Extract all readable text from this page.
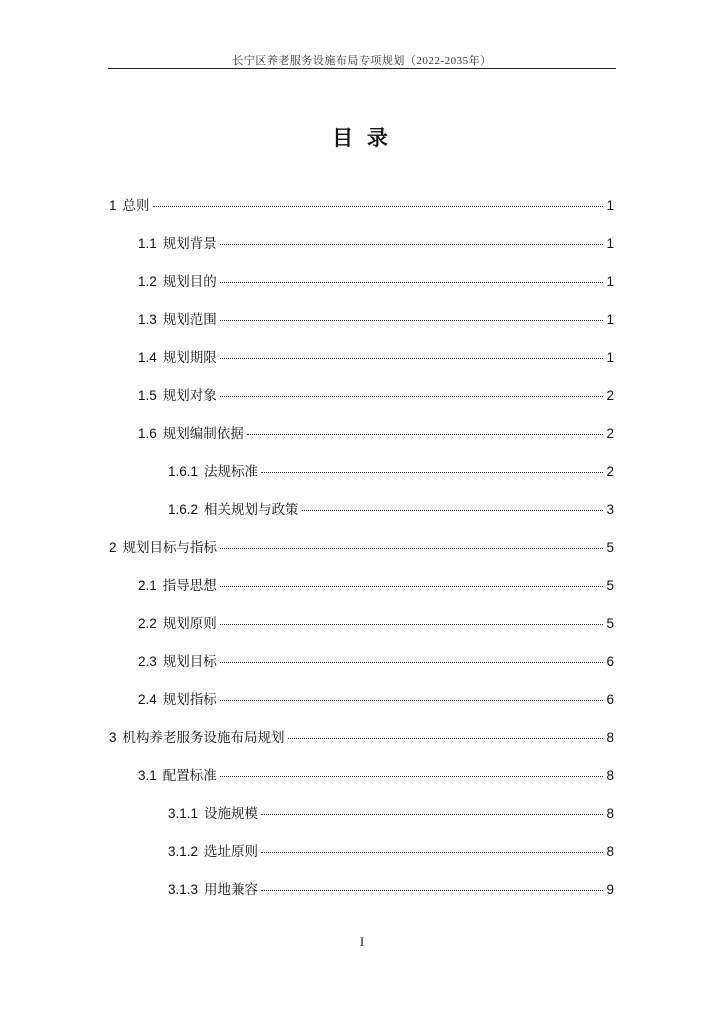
长宁区养老服务设施布局专项规划（2022-2035年）
目 录
1 总则	1
1.1 规划背景	1
1.2 规划目的	1
1.3 规划范围	1
1.4 规划期限	1
1.5 规划对象	2
1.6 规划编制依据	2
1.6.1 法规标准	2
1.6.2 相关规划与政策	3
2 规划目标与指标	5
2.1 指导思想	5
2.2 规划原则	5
2.3 规划目标	6
2.4 规划指标	6
3 机构养老服务设施布局规划	8
3.1 配置标准	8
3.1.1 设施规模	8
3.1.2 选址原则	8
3.1.3 用地兼容	9
I
